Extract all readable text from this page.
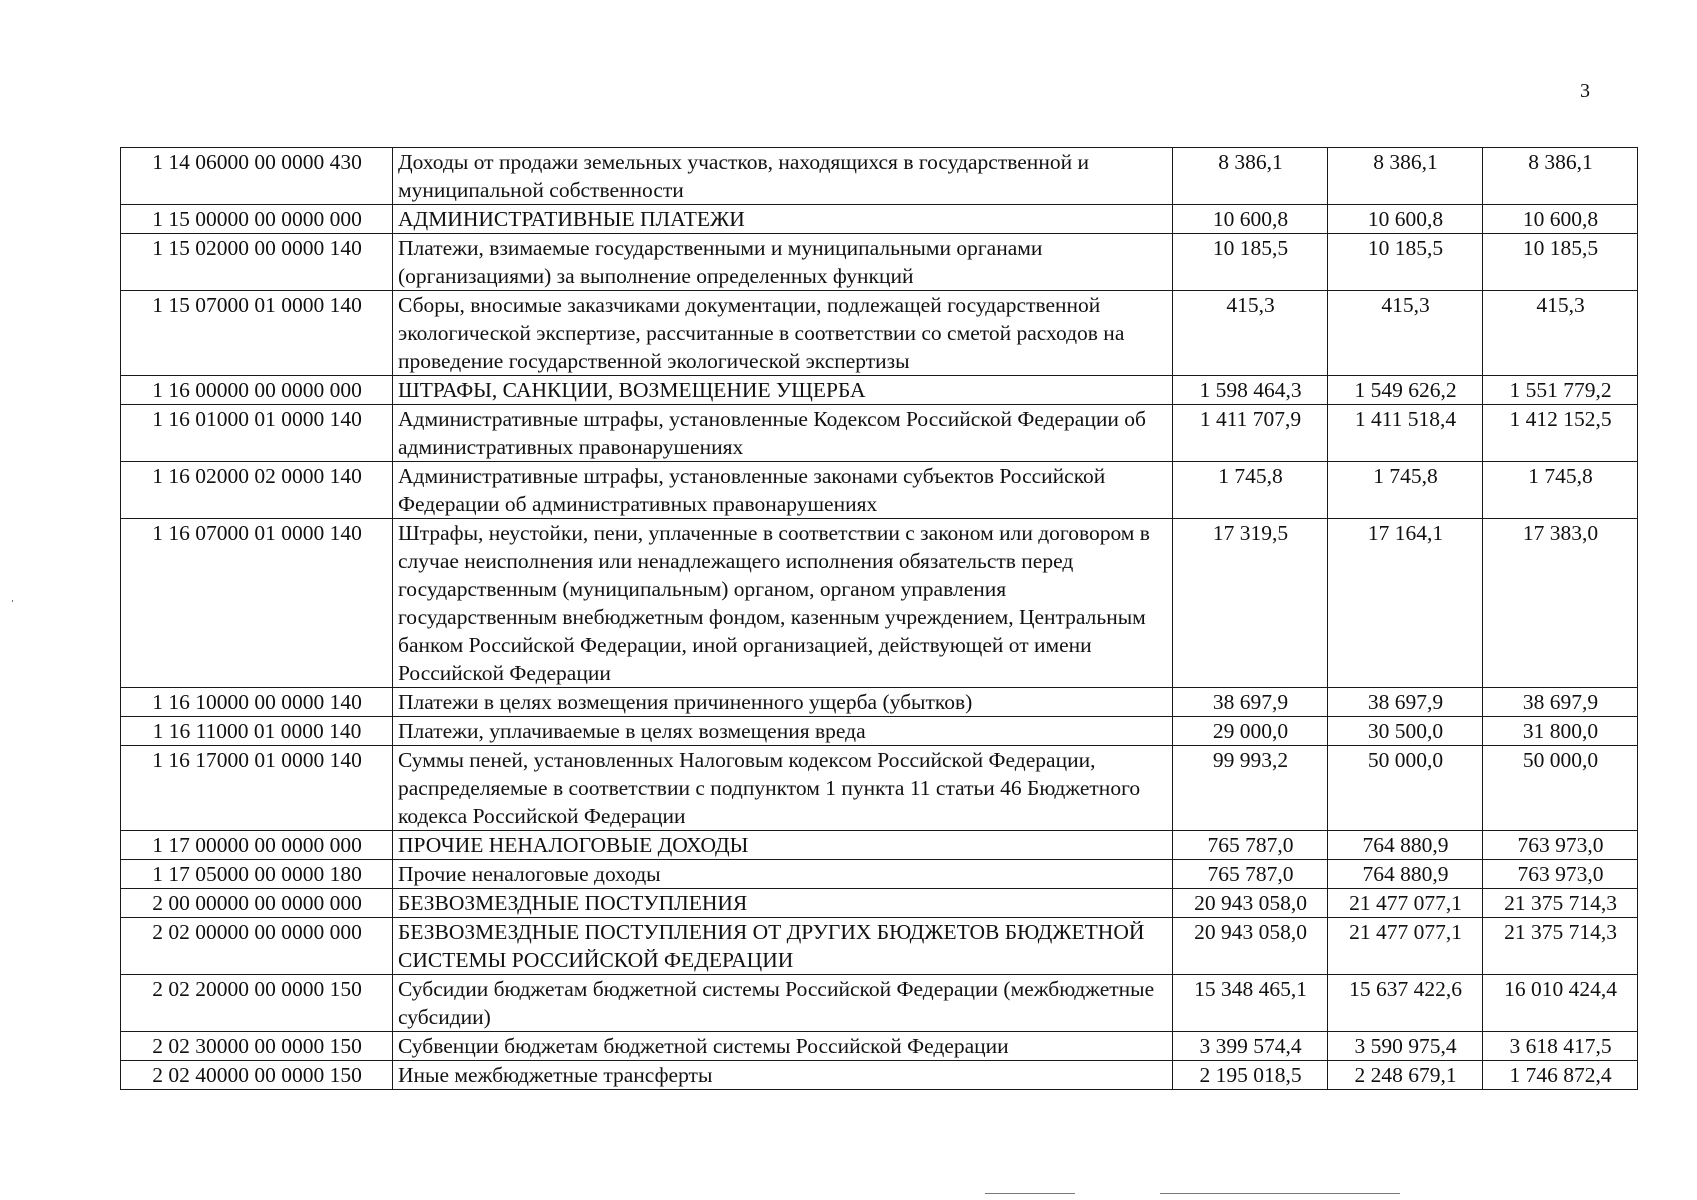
3
1 14 06000 00 0000 430	Доходы от продажи земельных участков, находящихся в государственной и муниципальной собственности	8 386,1	8 386,1	8 386,1
1 15 00000 00 0000 000	АДМИНИСТРАТИВНЫЕ ПЛАТЕЖИ	10 600,8	10 600,8	10 600,8
1 15 02000 00 0000 140	Платежи, взимаемые государственными и муниципальными органами (организациями) за выполнение определенных функций	10 185,5	10 185,5	10 185,5
1 15 07000 01 0000 140	Сборы, вносимые заказчиками документации, подлежащей государственной экологической экспертизе, рассчитанные в соответствии со сметой расходов на проведение государственной экологической экспертизы	415,3	415,3	415,3
1 16 00000 00 0000 000	ШТРАФЫ, САНКЦИИ, ВОЗМЕЩЕНИЕ УЩЕРБА	1 598 464,3	1 549 626,2	1 551 779,2
1 16 01000 01 0000 140	Административные штрафы, установленные Кодексом Российской Федерации об административных правонарушениях	1 411 707,9	1 411 518,4	1 412 152,5
1 16 02000 02 0000 140	Административные штрафы, установленные законами субъектов Российской Федерации об административных правонарушениях	1 745,8	1 745,8	1 745,8
1 16 07000 01 0000 140	Штрафы, неустойки, пени, уплаченные в соответствии с законом или договором в случае неисполнения или ненадлежащего исполнения обязательств перед государственным (муниципальным) органом, органом управления государственным внебюджетным фондом, казенным учреждением, Центральным банком Российской Федерации, иной организацией, действующей от имени Российской Федерации	17 319,5	17 164,1	17 383,0
1 16 10000 00 0000 140	Платежи в целях возмещения причиненного ущерба (убытков)	38 697,9	38 697,9	38 697,9
1 16 11000 01 0000 140	Платежи, уплачиваемые в целях возмещения вреда	29 000,0	30 500,0	31 800,0
1 16 17000 01 0000 140	Суммы пеней, установленных Налоговым кодексом Российской Федерации, распределяемые в соответствии с подпунктом 1 пункта 11 статьи 46 Бюджетного кодекса Российской Федерации	99 993,2	50 000,0	50 000,0
1 17 00000 00 0000 000	ПРОЧИЕ НЕНАЛОГОВЫЕ ДОХОДЫ	765 787,0	764 880,9	763 973,0
1 17 05000 00 0000 180	Прочие неналоговые доходы	765 787,0	764 880,9	763 973,0
2 00 00000 00 0000 000	БЕЗВОЗМЕЗДНЫЕ ПОСТУПЛЕНИЯ	20 943 058,0	21 477 077,1	21 375 714,3
2 02 00000 00 0000 000	БЕЗВОЗМЕЗДНЫЕ ПОСТУПЛЕНИЯ ОТ ДРУГИХ БЮДЖЕТОВ БЮДЖЕТНОЙ СИСТЕМЫ РОССИЙСКОЙ ФЕДЕРАЦИИ	20 943 058,0	21 477 077,1	21 375 714,3
2 02 20000 00 0000 150	Субсидии бюджетам бюджетной системы Российской Федерации (межбюджетные субсидии)	15 348 465,1	15 637 422,6	16 010 424,4
2 02 30000 00 0000 150	Субвенции бюджетам бюджетной системы Российской Федерации	3 399 574,4	3 590 975,4	3 618 417,5
2 02 40000 00 0000 150	Иные межбюджетные трансферты	2 195 018,5	2 248 679,1	1 746 872,4
